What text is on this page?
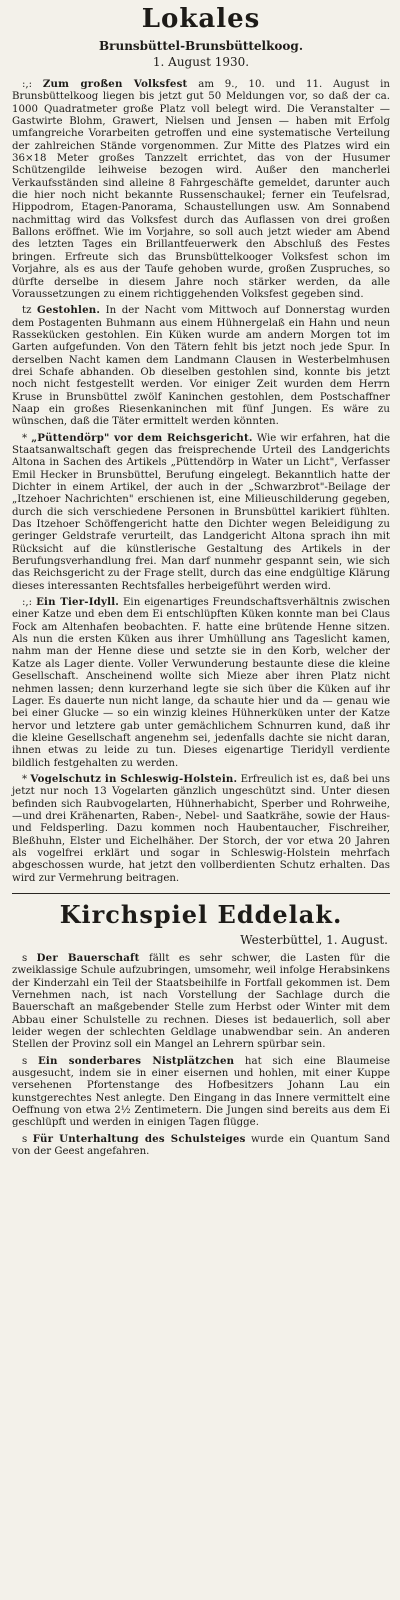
Lokales
Brunsbüttel-Brunsbüttelkoog.
1. August 1930.

:,: Zum großen Volksfest am 9., 10. und 11. August in Brunsbüttelkoog liegen bis jetzt gut 50 Meldungen vor, so daß der ca. 1000 Quadratmeter große Platz voll belegt wird. Die Veranstalter — Gastwirte Blohm, Grawert, Nielsen und Jensen — haben mit Erfolg umfangreiche Vorarbeiten getroffen und eine systematische Verteilung der zahlreichen Stände vorgenommen. Zur Mitte des Platzes wird ein 36×18 Meter großes Tanzzelt errichtet, das von der Husumer Schützengilde leihweise bezogen wird. Außer den mancherlei Verkaufsständen sind alleine 8 Fahrgeschäfte gemeldet, darunter auch die hier noch nicht bekannte Russenschaukel; ferner ein Teufelsrad, Hippodrom, Etagen-Panorama, Schaustellungen usw. Am Sonnabend nachmittag wird das Volksfest durch das Auflassen von drei großen Ballons eröffnet. Wie im Vorjahre, so soll auch jetzt wieder am Abend des letzten Tages ein Brillantfeuerwerk den Abschluß des Festes bringen. Erfreute sich das Brunsbüttelkooger Volksfest schon im Vorjahre, als es aus der Taufe gehoben wurde, großen Zuspruches, so dürfte derselbe in diesem Jahre noch stärker werden, da alle Voraussetzungen zu einem richtiggehenden Volksfest gegeben sind.

tz Gestohlen. In der Nacht vom Mittwoch auf Donnerstag wurden dem Postagenten Buhmann aus einem Hühnergelaß ein Hahn und neun Rassekücken gestohlen. Ein Küken wurde am andern Morgen tot im Garten aufgefunden. Von den Tätern fehlt bis jetzt noch jede Spur. In derselben Nacht kamen dem Landmann Clausen in Westerbelmhusen drei Schafe abhanden. Ob dieselben gestohlen sind, konnte bis jetzt noch nicht festgestellt werden. Vor einiger Zeit wurden dem Herrn Kruse in Brunsbüttel zwölf Kaninchen gestohlen, dem Postschaffner Naap ein großes Riesenkaninchen mit fünf Jungen. Es wäre zu wünschen, daß die Täter ermittelt werden könnten.

* „Püttendörp" vor dem Reichsgericht. Wie wir erfahren, hat die Staatsanwaltschaft gegen das freisprechende Urteil des Landgerichts Altona in Sachen des Artikels „Püttendörp in Water un Licht", Verfasser Emil Hecker in Brunsbüttel, Berufung eingelegt. Bekanntlich hatte der Dichter in einem Artikel, der auch in der „Schwarzbrot"-Beilage der „Itzehoer Nachrichten" erschienen ist, eine Milieuschilderung gegeben, durch die sich verschiedene Personen in Brunsbüttel karikiert fühlten. Das Itzehoer Schöffengericht hatte den Dichter wegen Beleidigung zu geringer Geldstrafe verurteilt, das Landgericht Altona sprach ihn mit Rücksicht auf die künstlerische Gestaltung des Artikels in der Berufungsverhandlung frei. Man darf nunmehr gespannt sein, wie sich das Reichsgericht zu der Frage stellt, durch das eine endgültige Klärung dieses interessanten Rechtsfalles herbeigeführt werden wird.

:,: Ein Tier-Idyll. Ein eigenartiges Freundschaftsverhältnis zwischen einer Katze und eben dem Ei entschlüpften Küken konnte man bei Claus Fock am Altenhafen beobachten. F. hatte eine brütende Henne sitzen. Als nun die ersten Küken aus ihrer Umhüllung ans Tageslicht kamen, nahm man der Henne diese und setzte sie in den Korb, welcher der Katze als Lager diente. Voller Verwunderung bestaunte diese die kleine Gesellschaft. Anscheinend wollte sich Mieze aber ihren Platz nicht nehmen lassen; denn kurzerhand legte sie sich über die Küken auf ihr Lager. Es dauerte nun nicht lange, da schaute hier und da — genau wie bei einer Glucke — so ein winzig kleines Hühnerküken unter der Katze hervor und letztere gab unter gemächlichem Schnurren kund, daß ihr die kleine Gesellschaft angenehm sei, jedenfalls dachte sie nicht daran, ihnen etwas zu leide zu tun. Dieses eigenartige Tieridyll verdiente bildlich festgehalten zu werden.

* Vogelschutz in Schleswig-Holstein. Erfreulich ist es, daß bei uns jetzt nur noch 13 Vogelarten gänzlich ungeschützt sind. Unter diesen befinden sich Raubvogelarten, Hühnerhabicht, Sperber und Rohrweihe, —und drei Krähenarten, Raben-, Nebel- und Saatkrähe, sowie der Haus- und Feldsperling. Dazu kommen noch Haubentaucher, Fischreiher, Bleßhuhn, Elster und Eichelhäher. Der Storch, der vor etwa 20 Jahren als vogelfrei erklärt und sogar in Schleswig-Holstein mehrfach abgeschossen wurde, hat jetzt den vollberdienten Schutz erhalten. Das wird zur Vermehrung beitragen.

Kirchspiel Eddelak.
Westerbüttel, 1. August.

s Der Bauerschaft fällt es sehr schwer, die Lasten für die zweiklassige Schule aufzubringen, umsomehr, weil infolge Herabsinkens der Kinderzahl ein Teil der Staatsbeihilfe in Fortfall gekommen ist. Dem Vernehmen nach, ist nach Vorstellung der Sachlage durch die Bauerschaft an maßgebender Stelle zum Herbst oder Winter mit dem Abbau einer Schulstelle zu rechnen. Dieses ist bedauerlich, soll aber leider wegen der schlechten Geldlage unabwendbar sein. An anderen Stellen der Provinz soll ein Mangel an Lehrern spürbar sein.

s Ein sonderbares Nistplätzchen hat sich eine Blaumeise ausgesucht, indem sie in einer eisernen und hohlen, mit einer Kuppe versehenen Pfortenstange des Hofbesitzers Johann Lau ein kunstgerechtes Nest anlegte. Den Eingang in das Innere vermittelt eine Oeffnung von etwa 2½ Zentimetern. Die Jungen sind bereits aus dem Ei geschlüpft und werden in einigen Tagen flügge.

s Für Unterhaltung des Schulsteiges wurde ein Quantum Sand von der Geest angefahren.
